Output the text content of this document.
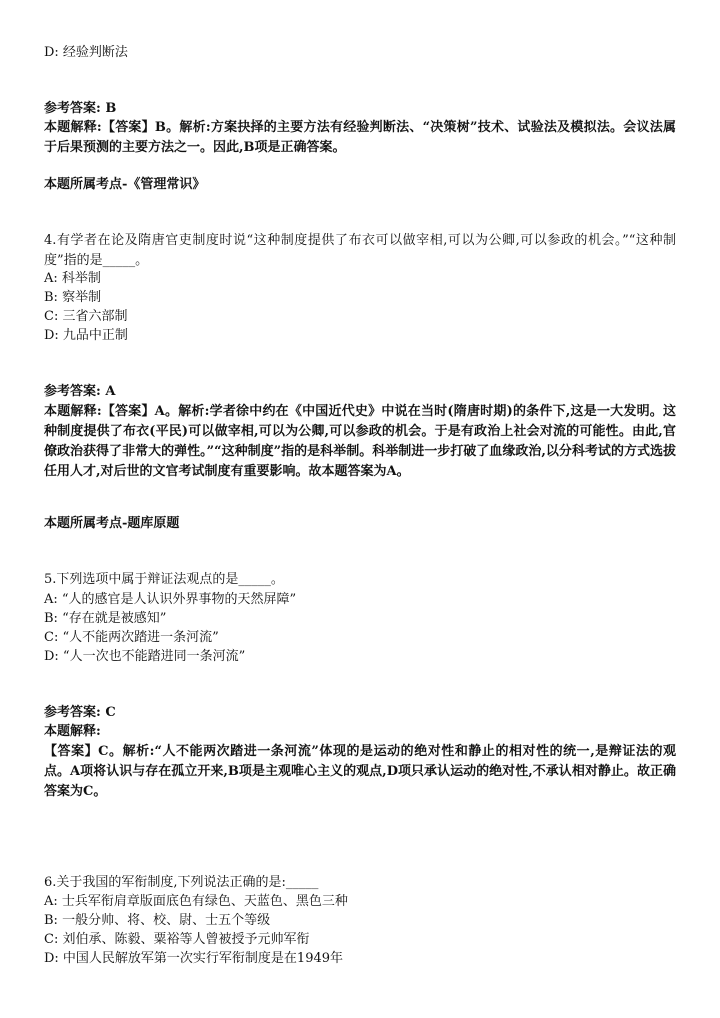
D: 经验判断法
参考答案: B
本题解释:【答案】B。解析:方案抉择的主要方法有经验判断法、“决策树”技术、试验法及模拟法。会议法属于后果预测的主要方法之一。因此,B项是正确答案。
本题所属考点-《管理常识》
4.有学者在论及隋唐官吏制度时说“这种制度提供了布衣可以做宰相,可以为公卿,可以参政的机会。”“这种制度”指的是_____。
A: 科举制
B: 察举制
C: 三省六部制
D: 九品中正制
参考答案: A
本题解释:【答案】A。解析:学者徐中约在《中国近代史》中说在当时(隋唐时期)的条件下,这是一大发明。这种制度提供了布衣(平民)可以做宰相,可以为公卿,可以参政的机会。于是有政治上社会对流的可能性。由此,官僚政治获得了非常大的弹性。”“这种制度”指的是科举制。科举制进一步打破了血缘政治,以分科考试的方式选拔任用人才,对后世的文官考试制度有重要影响。故本题答案为A。
本题所属考点-题库原题
5.下列选项中属于辩证法观点的是_____。
A: “人的感官是人认识外界事物的天然屏障”
B: “存在就是被感知”
C: “人不能两次踏进一条河流”
D: “人一次也不能踏进同一条河流”
参考答案: C
本题解释:
【答案】C。解析:“人不能两次踏进一条河流”体现的是运动的绝对性和静止的相对性的统一,是辩证法的观点。A项将认识与存在孤立开来,B项是主观唯心主义的观点,D项只承认运动的绝对性,不承认相对静止。故正确答案为C。
6.关于我国的军衔制度,下列说法正确的是:_____
A: 士兵军衔肩章版面底色有绿色、天蓝色、黑色三种
B: 一般分帅、将、校、尉、士五个等级
C: 刘伯承、陈毅、粟裕等人曾被授予元帅军衔
D: 中国人民解放军第一次实行军衔制度是在1949年
